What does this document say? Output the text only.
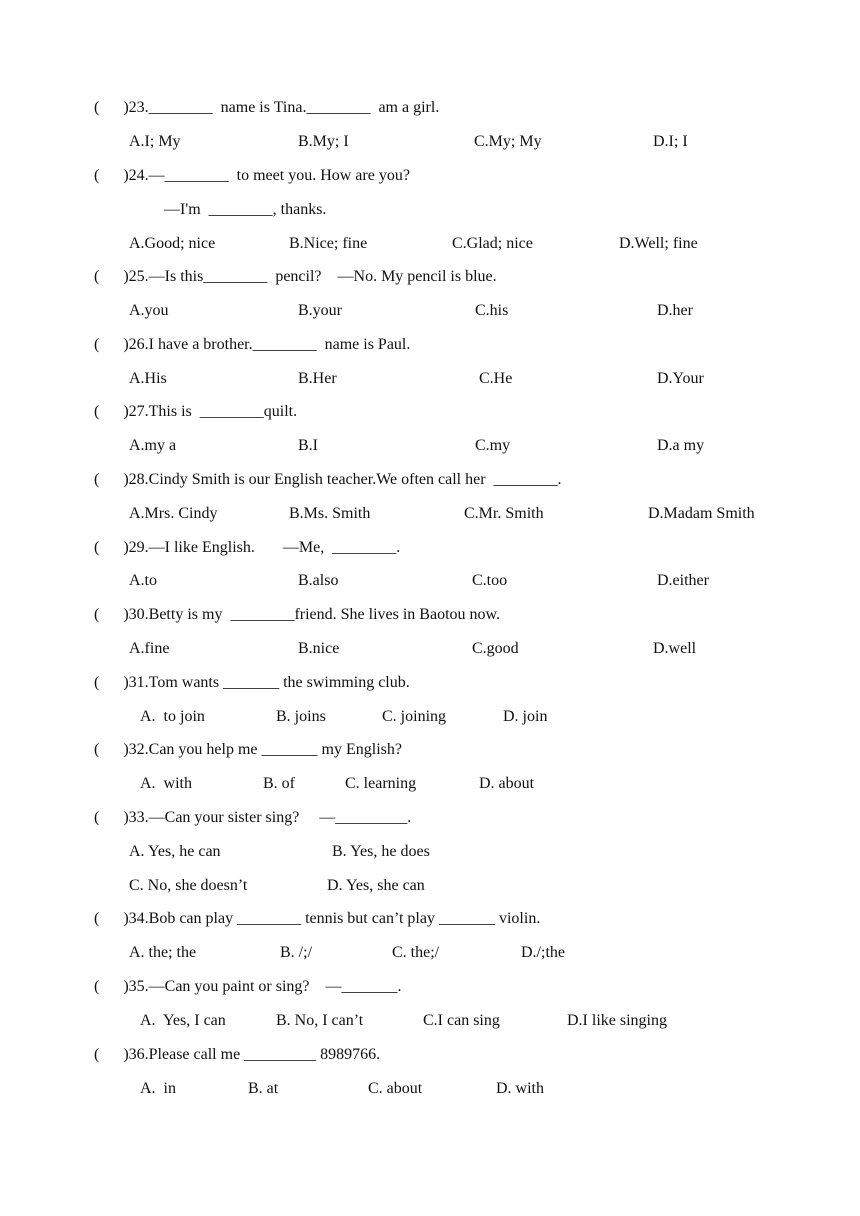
(      )23.________  name is Tina.________  am a girl.
A.I; My	B.My; I	C.My; My	D.I; I
(      )24.—________  to meet you. How are you?
—I'm  ________, thanks.
A.Good; nice	B.Nice; fine	C.Glad; nice	D.Well; fine
(      )25.—Is this________  pencil?    —No. My pencil is blue.
A.you	B.your	C.his	D.her
(      )26.I have a brother.________  name is Paul.
A.His	B.Her	C.He	D.Your
(      )27.This is  ________quilt.
A.my a	B.I	C.my	D.a my
(      )28.Cindy Smith is our English teacher.We often call her  ________.
A.Mrs. Cindy	B.Ms. Smith	C.Mr. Smith	D.Madam Smith
(      )29.—I like English.       —Me,  ________.
A.to	B.also	C.too	D.either
(      )30.Betty is my  ________friend. She lives in Baotou now.
A.fine	B.nice	C.good	D.well
(      )31.Tom wants _______ the swimming club.
A.  to join	B. joins	C. joining	D. join
(      )32.Can you help me _______ my English?
A.  with	B. of	C. learning	D. about
(      )33.—Can your sister sing?     —_________.
A. Yes, he can	B. Yes, he does
C. No, she doesn’t	D. Yes, she can
(      )34.Bob can play ________ tennis but can’t play _______ violin.
A. the; the	B. /;/	C. the;/	D./;the
(      )35.—Can you paint or sing?    —_______.
A.  Yes, I can	B. No, I can’t	C.I can sing	D.I like singing
(      )36.Please call me _________ 8989766.
A.  in	B. at	C. about	D. with
